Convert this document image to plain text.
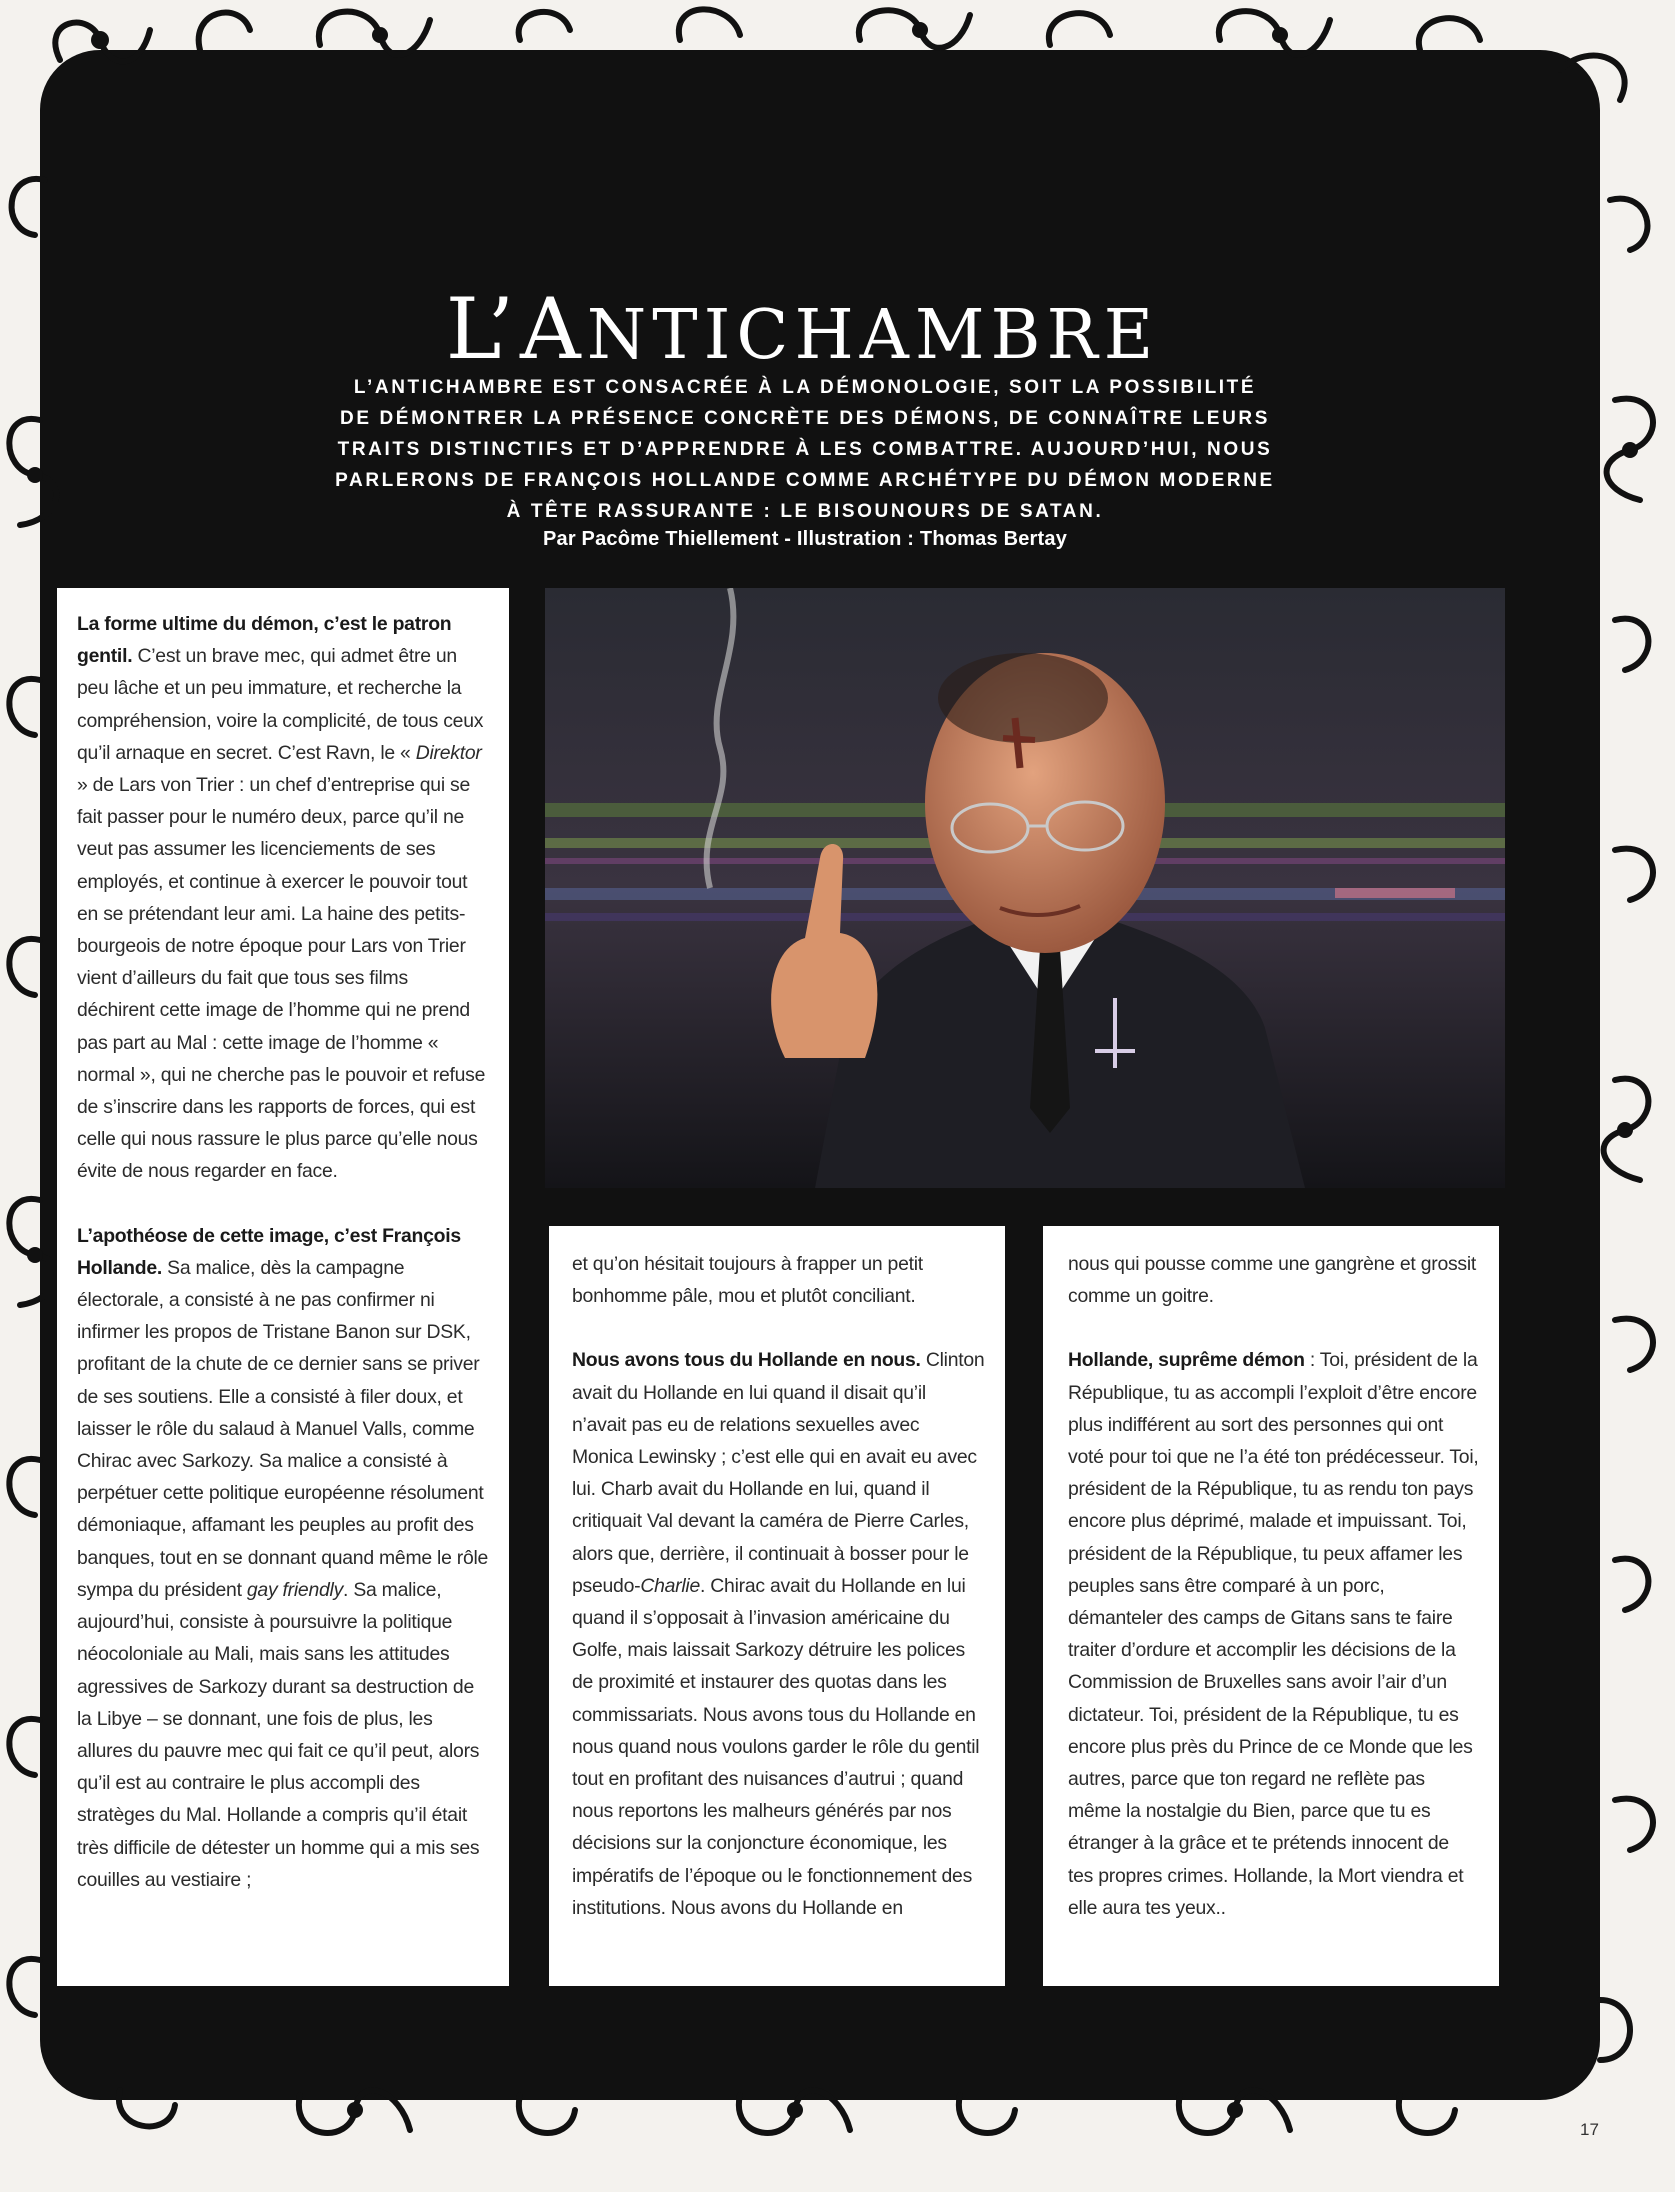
L’ANTICHAMBRE
L’ANTICHAMBRE EST CONSACRÉE À LA DÉMONOLOGIE, SOIT LA POSSIBILITÉ
DE DÉMONTRER LA PRÉSENCE CONCRÈTE DES DÉMONS, DE CONNAÎTRE LEURS
TRAITS DISTINCTIFS ET D’APPRENDRE À LES COMBATTRE. AUJOURD’HUI, NOUS
PARLERONS DE FRANÇOIS HOLLANDE COMME ARCHÉTYPE DU DÉMON MODERNE
À TÊTE RASSURANTE : LE BISOUNOURS DE SATAN.
Par Pacôme Thiellement - Illustration : Thomas Bertay

La forme ultime du démon, c’est le patron gentil. C’est un brave mec, qui admet être un peu lâche et un peu immature, et recherche la compréhension, voire la complicité, de tous ceux qu’il arnaque en secret. C’est Ravn, le « Direktor » de Lars von Trier : un chef d’entreprise qui se fait passer pour le numéro deux, parce qu’il ne veut pas assumer les licenciements de ses employés, et continue à exercer le pouvoir tout en se prétendant leur ami. La haine des petits-bourgeois de notre époque pour Lars von Trier vient d’ailleurs du fait que tous ses films déchirent cette image de l’homme qui ne prend pas part au Mal : cette image de l’homme « normal », qui ne cherche pas le pouvoir et refuse de s’inscrire dans les rapports de forces, qui est celle qui nous rassure le plus parce qu’elle nous évite de nous regarder en face.

L’apothéose de cette image, c’est François Hollande. Sa malice, dès la campagne électorale, a consisté à ne pas confirmer ni infirmer les propos de Tristane Banon sur DSK, profitant de la chute de ce dernier sans se priver de ses soutiens. Elle a consisté à filer doux, et laisser le rôle du salaud à Manuel Valls, comme Chirac avec Sarkozy. Sa malice a consisté à perpétuer cette politique européenne résolument démoniaque, affamant les peuples au profit des banques, tout en se donnant quand même le rôle sympa du président gay friendly. Sa malice, aujourd’hui, consiste à poursuivre la politique néocoloniale au Mali, mais sans les attitudes agressives de Sarkozy durant sa destruction de la Libye – se donnant, une fois de plus, les allures du pauvre mec qui fait ce qu’il peut, alors qu’il est au contraire le plus accompli des stratèges du Mal. Hollande a compris qu’il était très difficile de détester un homme qui a mis ses couilles au vestiaire ;

et qu’on hésitait toujours à frapper un petit bonhomme pâle, mou et plutôt conciliant.

Nous avons tous du Hollande en nous. Clinton avait du Hollande en lui quand il disait qu’il n’avait pas eu de relations sexuelles avec Monica Lewinsky ; c’est elle qui en avait eu avec lui. Charb avait du Hollande en lui, quand il critiquait Val devant la caméra de Pierre Carles, alors que, derrière, il continuait à bosser pour le pseudo-Charlie. Chirac avait du Hollande en lui quand il s’opposait à l’invasion américaine du Golfe, mais laissait Sarkozy détruire les polices de proximité et instaurer des quotas dans les commissariats. Nous avons tous du Hollande en nous quand nous voulons garder le rôle du gentil tout en profitant des nuisances d’autrui ; quand nous reportons les malheurs générés par nos décisions sur la conjoncture économique, les impératifs de l’époque ou le fonctionnement des institutions. Nous avons du Hollande en

nous qui pousse comme une gangrène et grossit comme un goitre.

Hollande, suprême démon : Toi, président de la République, tu as accompli l’exploit d’être encore plus indifférent au sort des personnes qui ont voté pour toi que ne l’a été ton prédécesseur. Toi, président de la République, tu as rendu ton pays encore plus déprimé, malade et impuissant. Toi, président de la République, tu peux affamer les peuples sans être comparé à un porc, démanteler des camps de Gitans sans te faire traiter d’ordure et accomplir les décisions de la Commission de Bruxelles sans avoir l’air d’un dictateur. Toi, président de la République, tu es encore plus près du Prince de ce Monde que les autres, parce que ton regard ne reflète pas même la nostalgie du Bien, parce que tu es étranger à la grâce et te prétends innocent de tes propres crimes. Hollande, la Mort viendra et elle aura tes yeux..

17
